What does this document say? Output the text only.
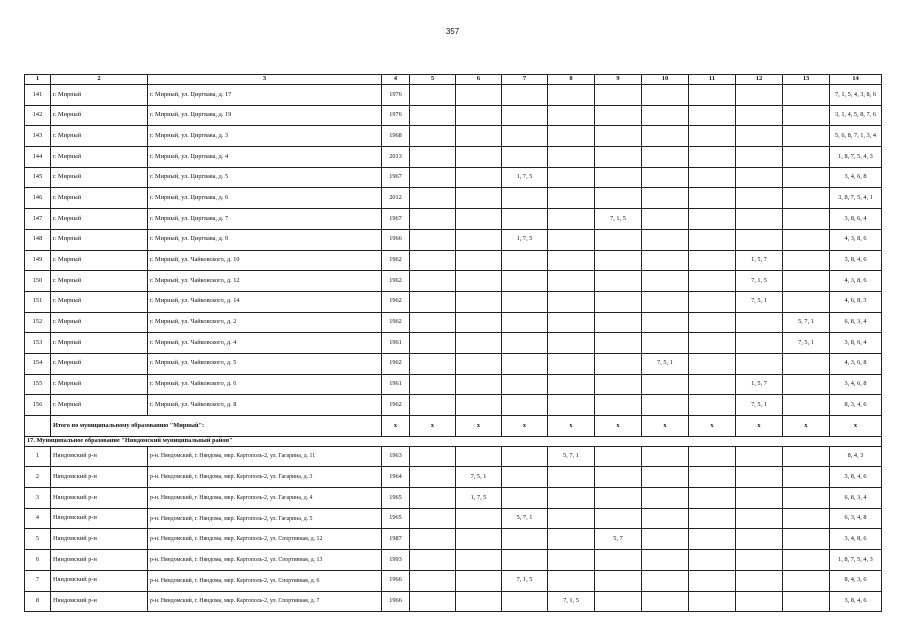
357
1	2	3	4	5	6	7	8	9	10	11	12	13	14
141	г. Мирный	г. Мирный, ул. Циргвава, д. 17	1976										7, 1, 5, 4, 3, 8, 6
142	г. Мирный	г. Мирный, ул. Циргвава, д. 19	1976										3, 1, 4, 5, 8, 7, 6
143	г. Мирный	г. Мирный, ул. Циргвава, д. 3	1968										5, 6, 8, 7, 1, 3, 4
144	г. Мирный	г. Мирный, ул. Циргвава, д. 4	2013										1, 8, 7, 5, 4, 3
145	г. Мирный	г. Мирный, ул. Циргвава, д. 5	1967			1, 7, 5							3, 4, 6, 8
146	г. Мирный	г. Мирный, ул. Циргвава, д. 6	2012										3, 8, 7, 5, 4, 1
147	г. Мирный	г. Мирный, ул. Циргвава, д. 7	1967					7, 1, 5					3, 8, 6, 4
148	г. Мирный	г. Мирный, ул. Циргвава, д. 9	1966			1, 7, 5							4, 3, 8, 6
149	г. Мирный	г. Мирный, ул. Чайковского, д. 10	1962								1, 5, 7		3, 8, 4, 6
150	г. Мирный	г. Мирный, ул. Чайковского, д. 12	1962								7, 1, 5		4, 3, 8, 6
151	г. Мирный	г. Мирный, ул. Чайковского, д. 14	1962								7, 5, 1		4, 6, 8, 3
152	г. Мирный	г. Мирный, ул. Чайковского, д. 2	1962									5, 7, 1	6, 8, 3, 4
153	г. Мирный	г. Мирный, ул. Чайковского, д. 4	1961									7, 5, 1	3, 8, 6, 4
154	г. Мирный	г. Мирный, ул. Чайковского, д. 5	1962						7, 5, 1				4, 3, 6, 8
155	г. Мирный	г. Мирный, ул. Чайковского, д. 6	1961								1, 5, 7		3, 4, 6, 8
156	г. Мирный	г. Мирный, ул. Чайковского, д. 8	1962								7, 5, 1		8, 3, 4, 6
	Итого по муниципальному образованию "Мирный":		x	x	x	x	x	x	x	x	x	x	x
17. Муниципальное образование "Няндомский муниципальный район"													
1	Няндомский р-н	р-н. Няндомский, г. Няндома, мкр. Каргополь-2, ул. Гагарина, д. 11	1963				5, 7, 1						8, 4, 3
2	Няндомский р-н	р-н. Няндомский, г. Няндома, мкр. Каргополь-2, ул. Гагарина, д. 3	1964		7, 5, 1								3, 8, 4, 6
3	Няндомский р-н	р-н. Няндомский, г. Няндома, мкр. Каргополь-2, ул. Гагарина, д. 4	1965		1, 7, 5								6, 8, 3, 4
4	Няндомский р-н	р-н. Няндомский, г. Няндома, мкр. Каргополь-2, ул. Гагарина, д. 5	1965			5, 7, 1							6, 3, 4, 8
5	Няндомский р-н	р-н. Няндомский, г. Няндома, мкр. Каргополь-2, ул. Спортивная, д. 12	1987					5, 7					3, 4, 8, 6
6	Няндомский р-н	р-н. Няндомский, г. Няндома, мкр. Каргополь-2, ул. Спортивная, д. 13	1993										1, 8, 7, 5, 4, 3
7	Няндомский р-н	р-н. Няндомский, г. Няндома, мкр. Каргополь-2, ул. Спортивная, д. 6	1966			7, 1, 5							8, 4, 3, 6
8	Няндомский р-н	р-н. Няндомский, г. Няндома, мкр. Каргополь-2, ул. Спортивная, д. 7	1966				7, 1, 5						3, 8, 4, 6
